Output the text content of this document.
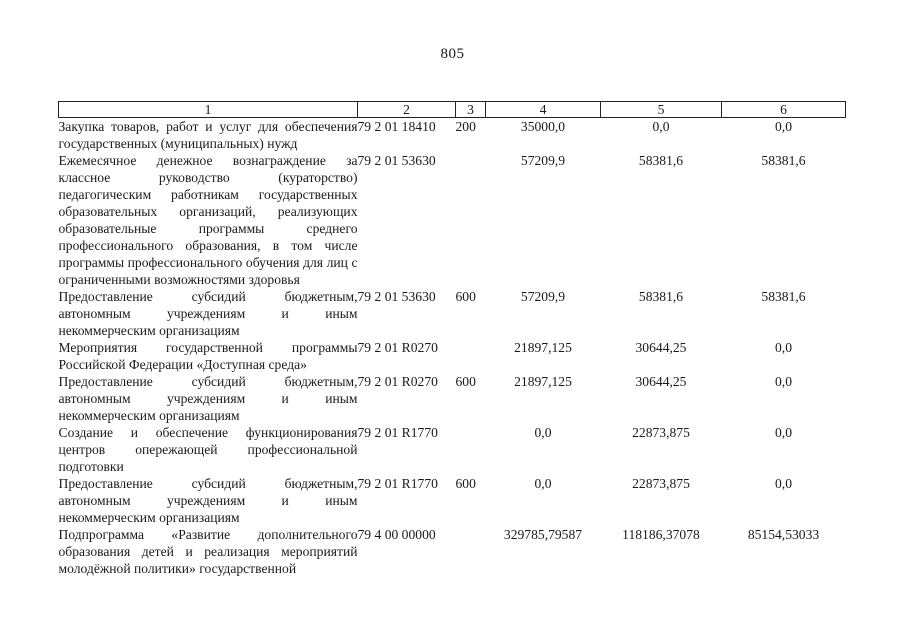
805
1	2	3	4	5	6
Закупка товаров, работ и услуг для обеспечения государственных (муниципальных) нужд	79 2 01 18410	200	35000,0	0,0	0,0
Ежемесячное денежное вознаграждение за классное руководство (кураторство) педагогическим работникам государственных образовательных организаций, реализующих образовательные программы среднего профессионального образования, в том числе программы профессионального обучения для лиц с ограниченными возможностями здоровья	79 2 01 53630		57209,9	58381,6	58381,6
Предоставление субсидий бюджетным, автономным учреждениям и иным некоммерческим организациям	79 2 01 53630	600	57209,9	58381,6	58381,6
Мероприятия государственной программы Российской Федерации «Доступная среда»	79 2 01 R0270		21897,125	30644,25	0,0
Предоставление субсидий бюджетным, автономным учреждениям и иным некоммерческим организациям	79 2 01 R0270	600	21897,125	30644,25	0,0
Создание и обеспечение функционирования центров опережающей профессиональной подготовки	79 2 01 R1770		0,0	22873,875	0,0
Предоставление субсидий бюджетным, автономным учреждениям и иным некоммерческим организациям	79 2 01 R1770	600	0,0	22873,875	0,0
Подпрограмма «Развитие дополнительного образования детей и реализация мероприятий молодёжной политики» государственной	79 4 00 00000		329785,79587	118186,37078	85154,53033
